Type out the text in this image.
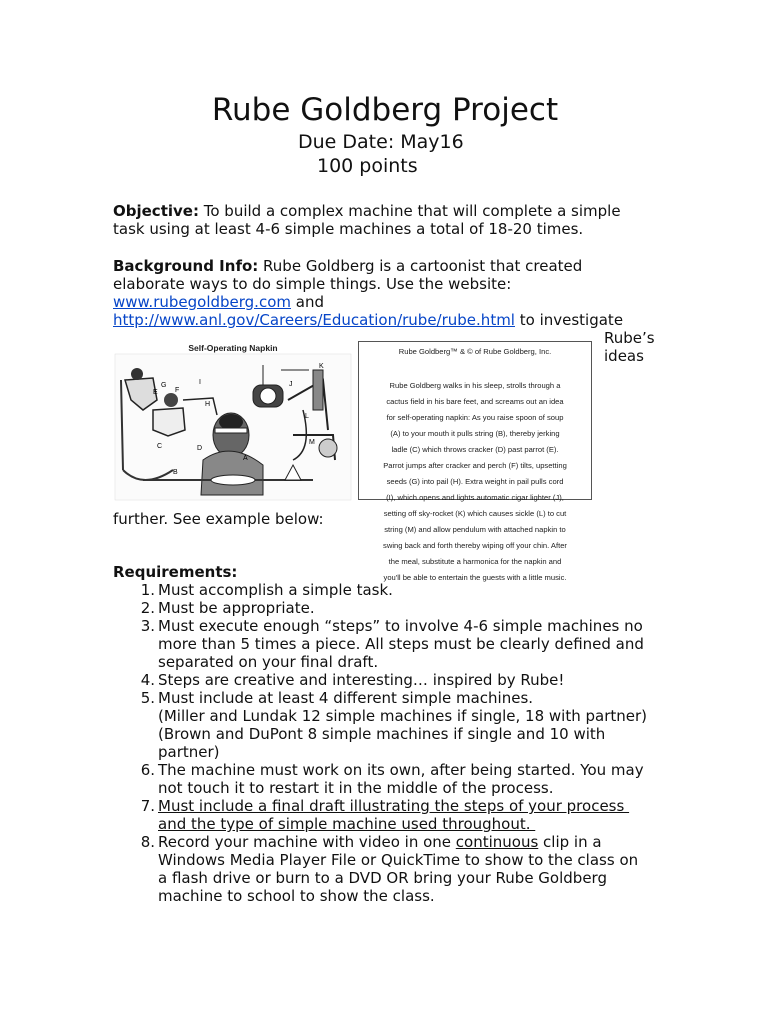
Rube Goldberg Project
Due Date: May16
100 points
Objective: To build a complex machine that will complete a simple
task using at least 4-6 simple machines a total of 18-20 times.
Background Info: Rube Goldberg is a cartoonist that created
elaborate ways to do simple things. Use the website:
www.rubegoldberg.com and
http://www.anl.gov/Careers/Education/rube/rube.html to investigate
Rube’s
ideas
further. See example below:
Self-Operating Napkin
E
G
F
I
H
B
C	D
A
J
K
L
M
Rube Goldberg™ & © of Rube Goldberg, Inc.
Rube Goldberg walks in his sleep, strolls through a
cactus field in his bare feet, and screams out an idea
for self-operating napkin: As you raise spoon of soup
(A) to your mouth it pulls string (B), thereby jerking
ladle (C) which throws cracker (D) past parrot (E).
Parrot jumps after cracker and perch (F) tilts, upsetting
seeds (G) into pail (H). Extra weight in pail pulls cord
(I), which opens and lights automatic cigar lighter (J),
setting off sky-rocket (K) which causes sickle (L) to cut
string (M) and allow pendulum with attached napkin to
swing back and forth thereby wiping off your chin. After
the meal, substitute a harmonica for the napkin and
you'll be able to entertain the guests with a little music.
Requirements:
1. Must accomplish a simple task.
2. Must be appropriate.
3. Must execute enough “steps” to involve 4-6 simple machines no
more than 5 times a piece. All steps must be clearly defined and
separated on your final draft.
4. Steps are creative and interesting… inspired by Rube!
5. Must include at least 4 different simple machines.
(Miller and Lundak 12 simple machines if single, 18 with partner)
(Brown and DuPont 8 simple machines if single and 10 with
partner)
6. The machine must work on its own, after being started. You may
not touch it to restart it in the middle of the process.
7. Must include a final draft illustrating the steps of your process
and the type of simple machine used throughout.
8. Record your machine with video in one continuous clip in a
Windows Media Player File or QuickTime to show to the class on
a flash drive or burn to a DVD OR bring your Rube Goldberg
machine to school to show the class.
